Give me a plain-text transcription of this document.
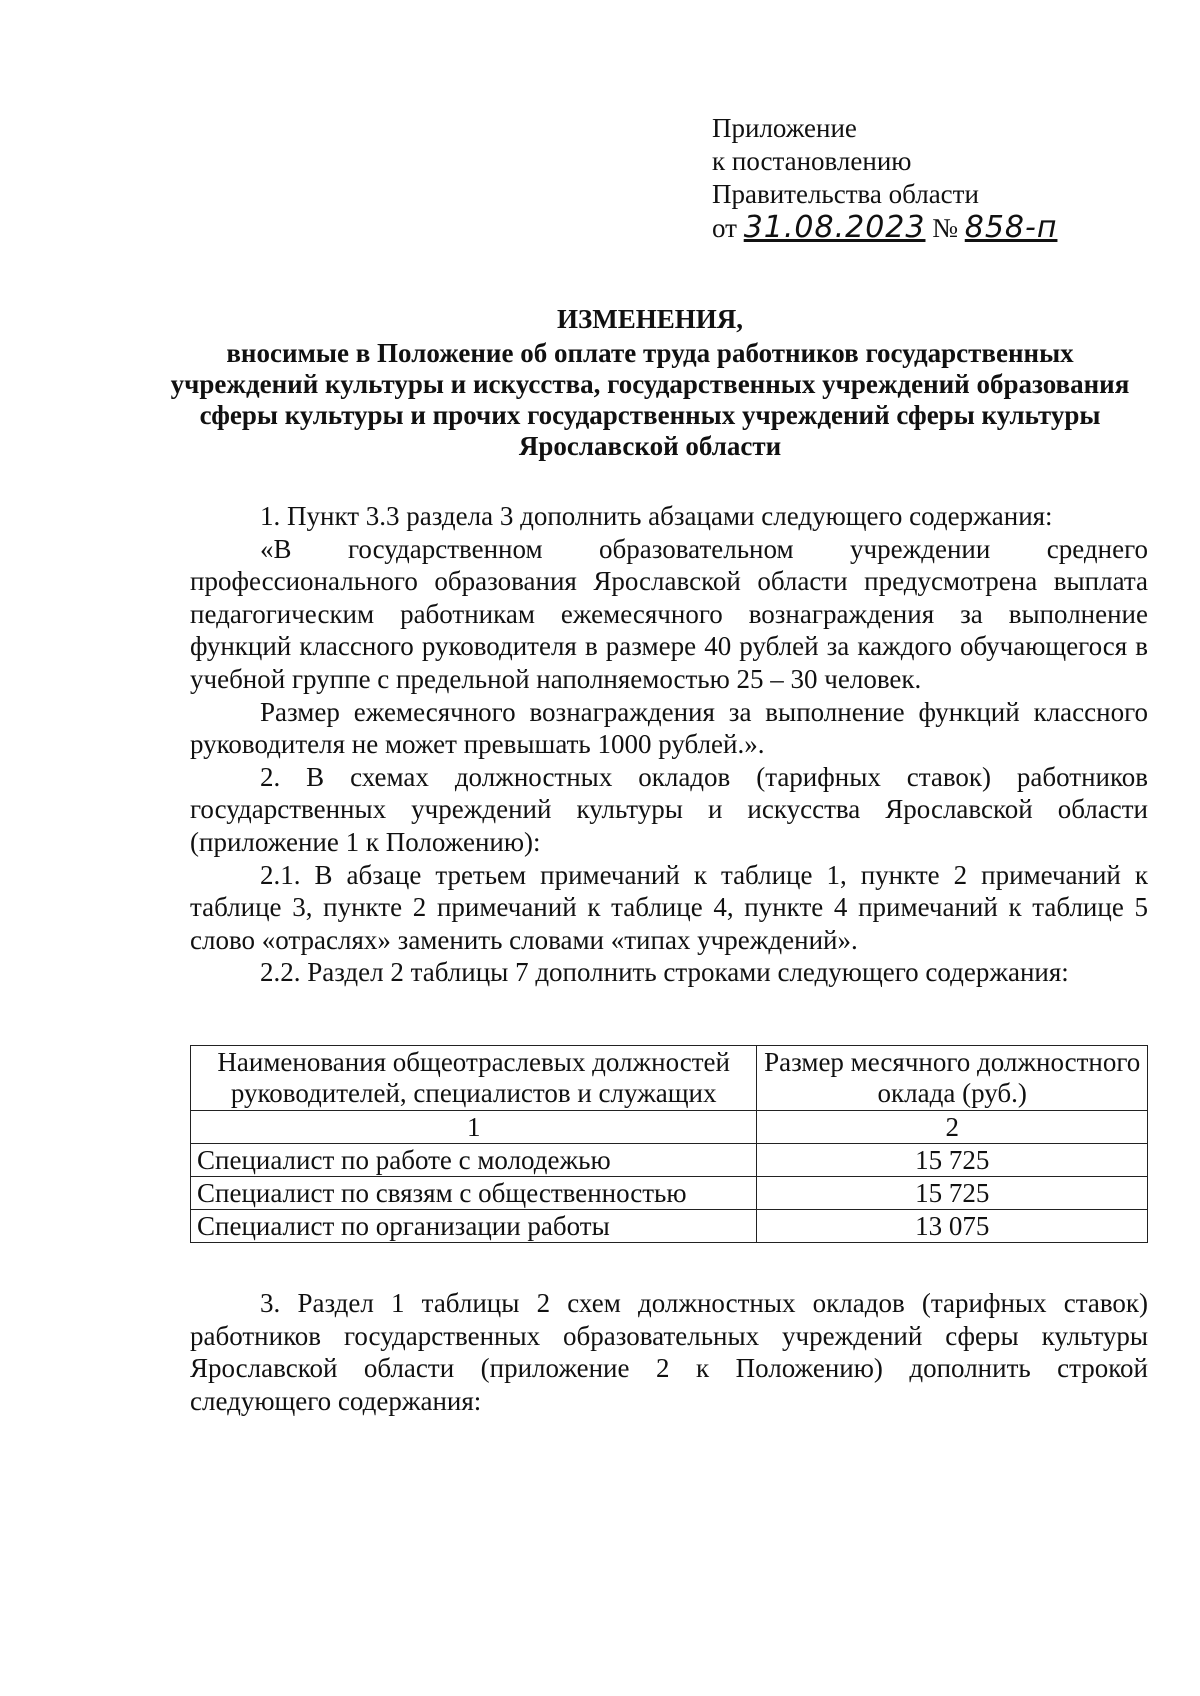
Приложение
к постановлению
Правительства области
от 31.08.2023 № 858-п
ИЗМЕНЕНИЯ,
вносимые в Положение об оплате труда работников государственных учреждений культуры и искусства, государственных учреждений образования сферы культуры и прочих государственных учреждений сферы культуры Ярославской области

1. Пункт 3.3 раздела 3 дополнить абзацами следующего содержания:

«В государственном образовательном учреждении среднего профессионального образования Ярославской области предусмотрена выплата педагогическим работникам ежемесячного вознаграждения за выполнение функций классного руководителя в размере 40 рублей за каждого обучающегося в учебной группе с предельной наполняемостью 25 – 30 человек.

Размер ежемесячного вознаграждения за выполнение функций классного руководителя не может превышать 1000 рублей.».

2. В схемах должностных окладов (тарифных ставок) работников государственных учреждений культуры и искусства Ярославской области (приложение 1 к Положению):

2.1. В абзаце третьем примечаний к таблице 1, пункте 2 примечаний к таблице 3, пункте 2 примечаний к таблице 4, пункте 4 примечаний к таблице 5 слово «отраслях» заменить словами «типах учреждений».

2.2. Раздел 2 таблицы 7 дополнить строками следующего содержания:

Наименования общеотраслевых должностей руководителей, специалистов и служащих	Размер месячного должностного оклада (руб.)
1	2
Специалист по работе с молодежью	15 725
Специалист по связям с общественностью	15 725
Специалист по организации работы	13 075

3. Раздел 1 таблицы 2 схем должностных окладов (тарифных ставок) работников государственных образовательных учреждений сферы культуры Ярославской области (приложение 2 к Положению) дополнить строкой следующего содержания:
